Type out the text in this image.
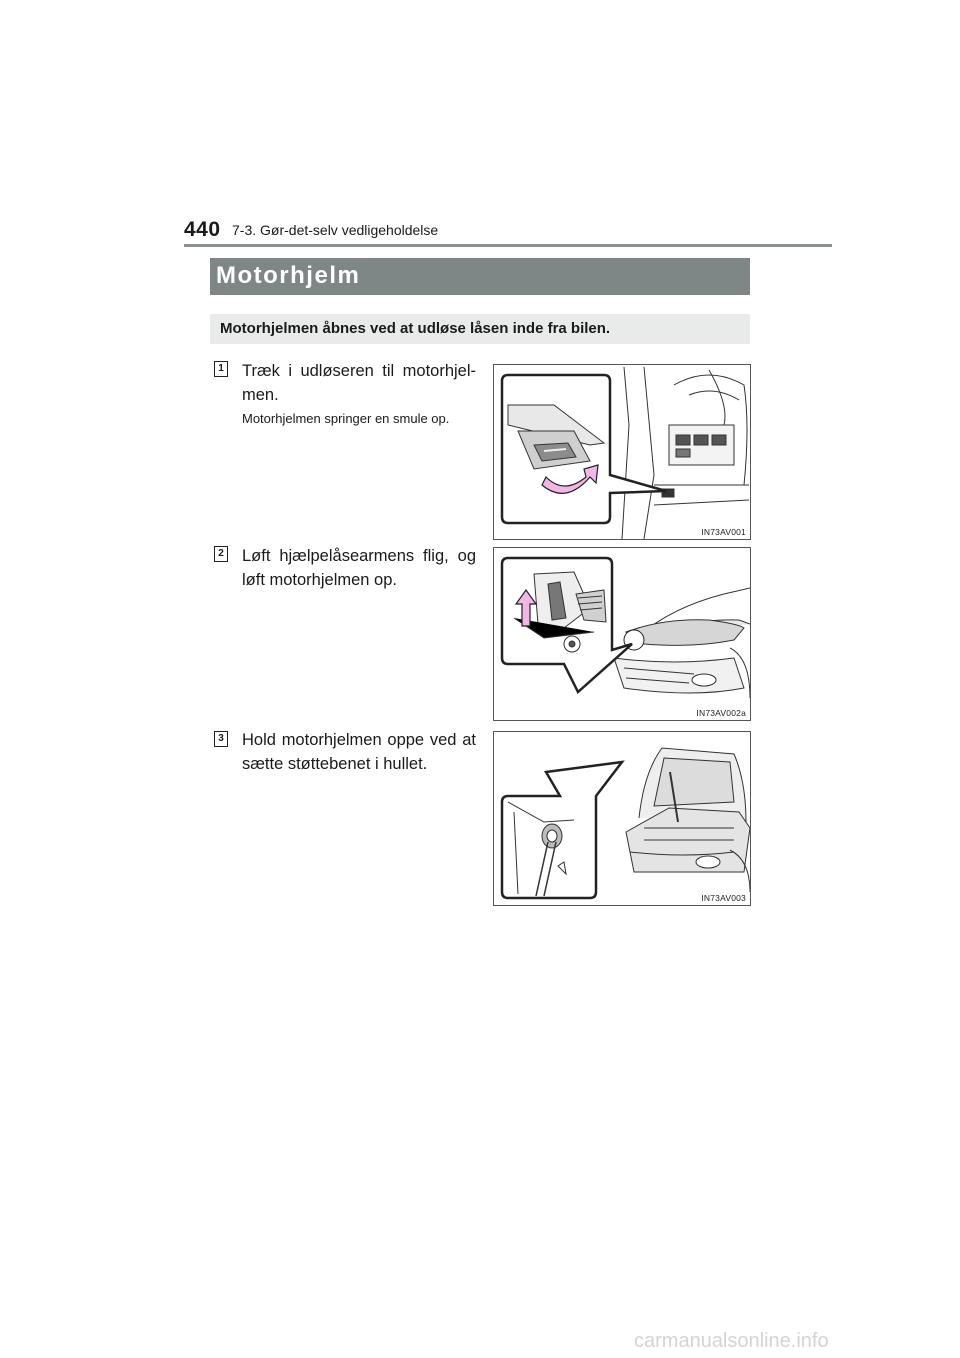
440 7-3. Gør-det-selv vedligeholdelse
Motorhjelm
Motorhjelmen åbnes ved at udløse låsen inde fra bilen.
1 Træk i udløseren til motorhjel-men.
Motorhjelmen springer en smule op.
IN73AV001
2 Løft hjælpelåsearmens flig, og løft motorhjelmen op.
IN73AV002a
3 Hold motorhjelmen oppe ved at sætte støttebenet i hullet.
IN73AV003
carmanualsonline.info
